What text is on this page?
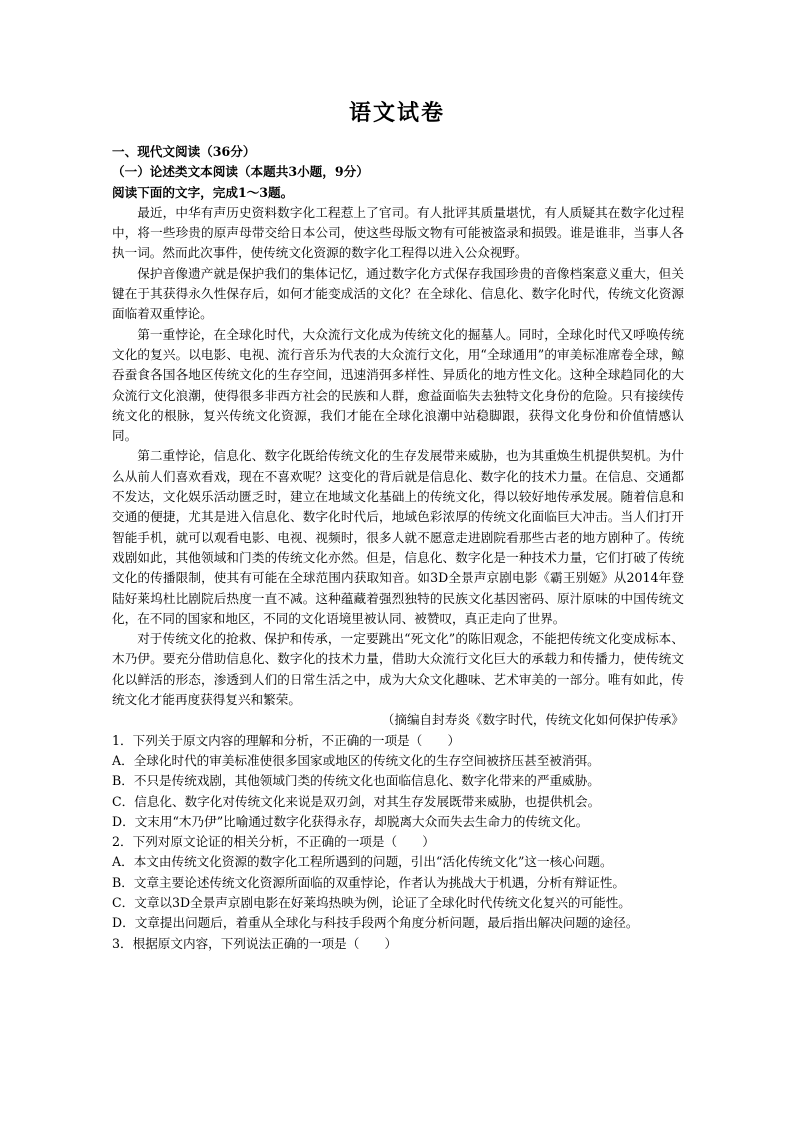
语文试卷

一、现代文阅读（36分）

（一）论述类文本阅读（本题共3小题，9分）

阅读下面的文字，完成1～3题。

最近，中华有声历史资料数字化工程惹上了官司。有人批评其质量堪忧，有人质疑其在数字化过程中，将一些珍贵的原声母带交给日本公司，使这些母版文物有可能被盗录和损毁。谁是谁非，当事人各执一词。然而此次事件，使传统文化资源的数字化工程得以进入公众视野。

保护音像遗产就是保护我们的集体记忆，通过数字化方式保存我国珍贵的音像档案意义重大，但关键在于其获得永久性保存后，如何才能变成活的文化？在全球化、信息化、数字化时代，传统文化资源面临着双重悖论。

第一重悖论，在全球化时代，大众流行文化成为传统文化的掘墓人。同时，全球化时代又呼唤传统文化的复兴。以电影、电视、流行音乐为代表的大众流行文化，用“全球通用”的审美标准席卷全球，鲸吞蚕食各国各地区传统文化的生存空间，迅速消弭多样性、异质化的地方性文化。这种全球趋同化的大众流行文化浪潮，使得很多非西方社会的民族和人群，愈益面临失去独特文化身份的危险。只有接续传统文化的根脉，复兴传统文化资源，我们才能在全球化浪潮中站稳脚跟，获得文化身份和价值情感认同。

第二重悖论，信息化、数字化既给传统文化的生存发展带来威胁，也为其重焕生机提供契机。为什么从前人们喜欢看戏，现在不喜欢呢？这变化的背后就是信息化、数字化的技术力量。在信息、交通都不发达，文化娱乐活动匮乏时，建立在地域文化基础上的传统文化，得以较好地传承发展。随着信息和交通的便捷，尤其是进入信息化、数字化时代后，地域色彩浓厚的传统文化面临巨大冲击。当人们打开智能手机，就可以观看电影、电视、视频时，很多人就不愿意走进剧院看那些古老的地方剧种了。传统戏剧如此，其他领域和门类的传统文化亦然。但是，信息化、数字化是一种技术力量，它们打破了传统文化的传播限制，使其有可能在全球范围内获取知音。如3D全景声京剧电影《霸王别姬》从2014年登陆好莱坞杜比剧院后热度一直不减。这种蕴藏着强烈独特的民族文化基因密码、原汁原味的中国传统文化，在不同的国家和地区，不同的文化语境里被认同、被赞叹，真正走向了世界。

对于传统文化的抢救、保护和传承，一定要跳出“死文化”的陈旧观念，不能把传统文化变成标本、木乃伊。要充分借助信息化、数字化的技术力量，借助大众流行文化巨大的承载力和传播力，使传统文化以鲜活的形态，渗透到人们的日常生活之中，成为大众文化趣味、艺术审美的一部分。唯有如此，传统文化才能再度获得复兴和繁荣。

（摘编自封寿炎《数字时代，传统文化如何保护传承》

1．下列关于原文内容的理解和分析，不正确的一项是（　　）

A．全球化时代的审美标准使很多国家或地区的传统文化的生存空间被挤压甚至被消弭。

B．不只是传统戏剧，其他领域门类的传统文化也面临信息化、数字化带来的严重威胁。

C．信息化、数字化对传统文化来说是双刃剑，对其生存发展既带来威胁，也提供机会。

D．文末用“木乃伊”比喻通过数字化获得永存，却脱离大众而失去生命力的传统文化。

2．下列对原文论证的相关分析，不正确的一项是（　　）

A．本文由传统文化资源的数字化工程所遇到的问题，引出“活化传统文化”这一核心问题。

B．文章主要论述传统文化资源所面临的双重悖论，作者认为挑战大于机遇，分析有辩证性。

C．文章以3D全景声京剧电影在好莱坞热映为例，论证了全球化时代传统文化复兴的可能性。

D．文章提出问题后，着重从全球化与科技手段两个角度分析问题，最后指出解决问题的途径。

3．根据原文内容，下列说法正确的一项是（　　）
